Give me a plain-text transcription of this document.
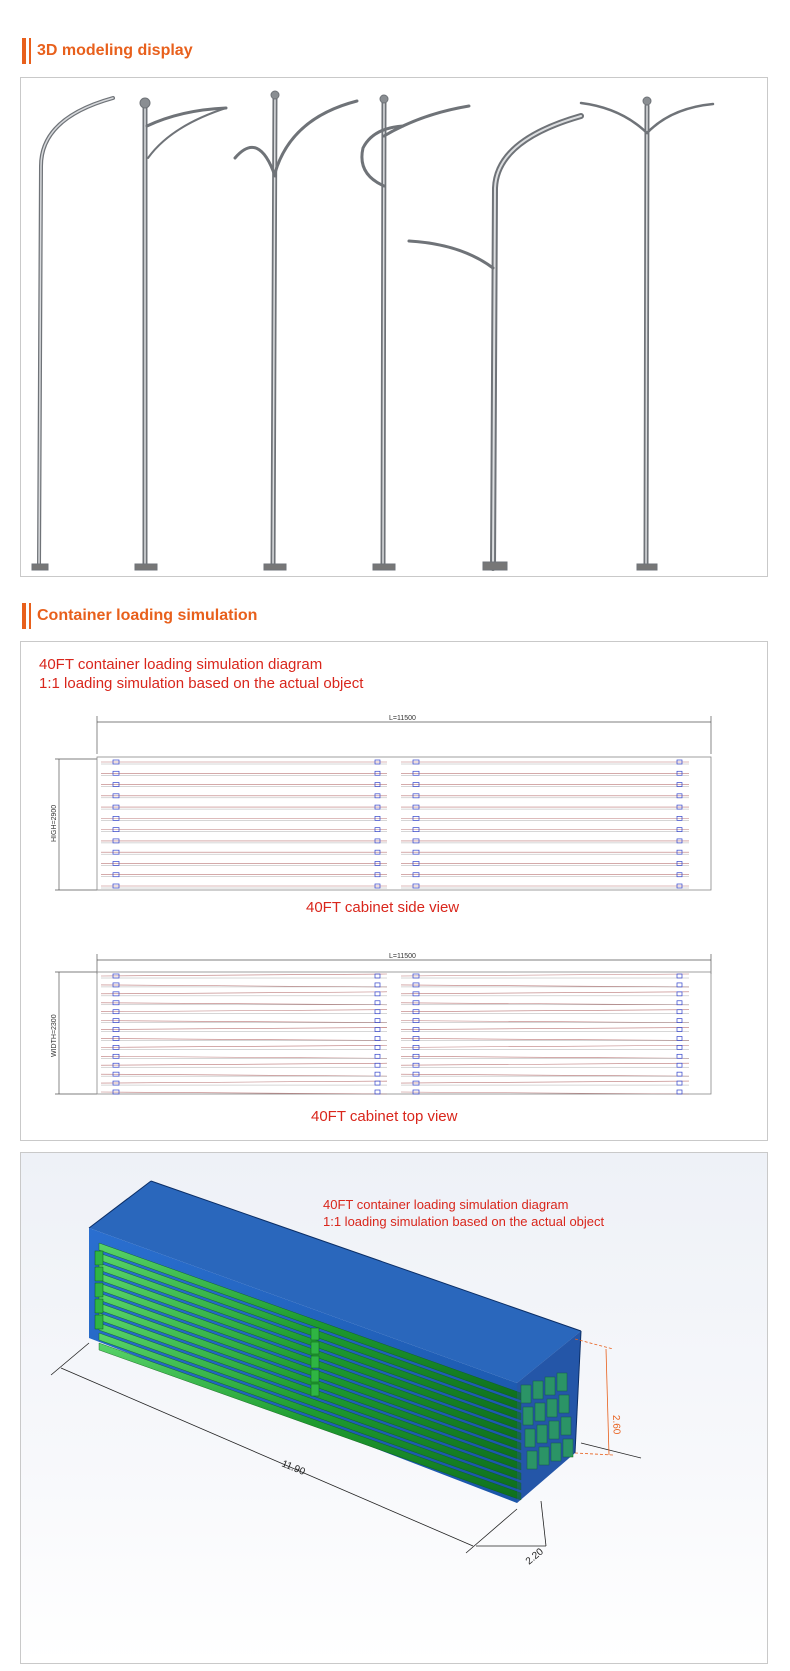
3D modeling display
Container loading simulation
40FT container loading simulation diagram
1:1 loading simulation based on the actual object
L=11500
HIGH=2900
40FT cabinet side view
L=11500
WIDTH=2300
40FT cabinet top view
11.90
2.60
2.20
40FT container loading simulation diagram
1:1 loading simulation based on the actual object
